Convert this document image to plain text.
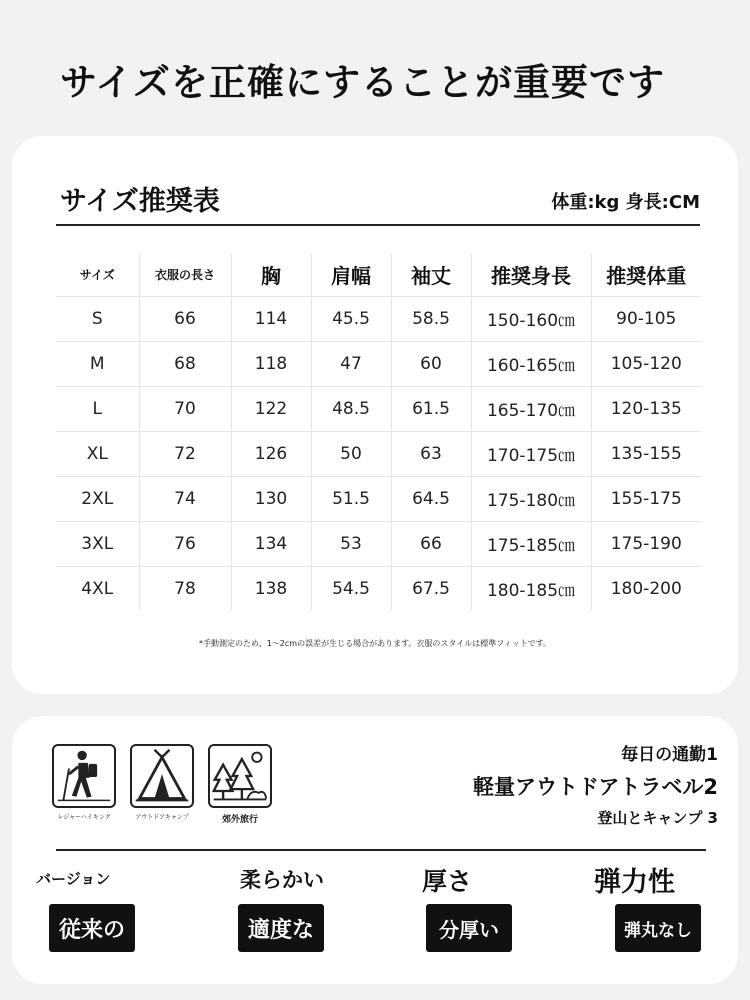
サイズを正確にすることが重要です
サイズ推奨表	体重:kg 身長:CM
サイズ	衣服の長さ	胸	肩幅	袖丈	推奨身長	推奨体重
S	66	114	45.5	58.5	150-160㎝	90-105
M	68	118	47	60	160-165㎝	105-120
L	70	122	48.5	61.5	165-170㎝	120-135
XL	72	126	50	63	170-175㎝	135-155
2XL	74	130	51.5	64.5	175-180㎝	155-175
3XL	76	134	53	66	175-185㎝	175-190
4XL	78	138	54.5	67.5	180-185㎝	180-200
*手動測定のため、1～2cmの誤差が生じる場合があります。衣服のスタイルは標準フィットです。
レジャーハイキング	アウトドアキャンプ	郊外旅行
毎日の通勤1
軽量アウトドアトラベル2
登山とキャンプ 3
バージョン	柔らかい	厚さ	弾力性
従来の	適度な	分厚い	弾丸なし
